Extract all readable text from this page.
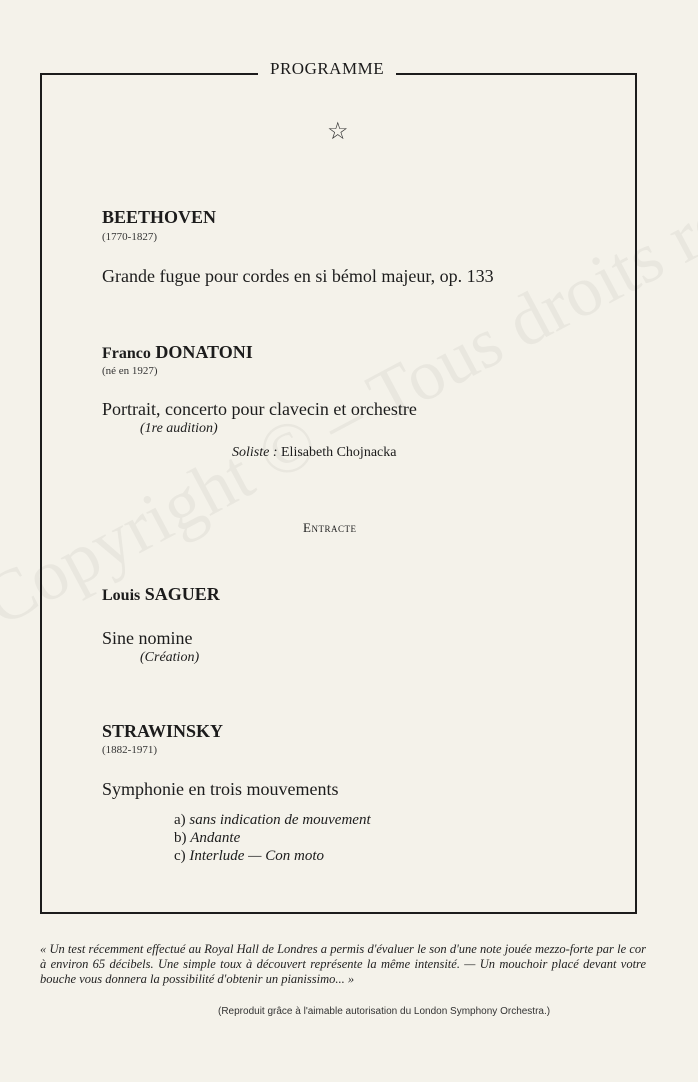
PROGRAMME
☆
BEETHOVEN
(1770-1827)
Grande fugue pour cordes en si bémol majeur, op. 133
Franco DONATONI
(né en 1927)
Portrait, concerto pour clavecin et orchestre
(1re audition)
Soliste : Elisabeth Chojnacka
Entracte
Louis SAGUER
Sine nomine
(Création)
STRAWINSKY
(1882-1971)
Symphonie en trois mouvements
a) sans indication de mouvement
b) Andante
c) Interlude — Con moto
« Un test récemment effectué au Royal Hall de Londres a permis d'évaluer le son d'une note jouée mezzo-forte par le cor à environ 65 décibels. Une simple toux à découvert représente la même intensité. — Un mouchoir placé devant votre bouche vous donnera la possibilité d'obtenir un pianissimo... »
(Reproduit grâce à l'aimable autorisation du London Symphony Orchestra.)
